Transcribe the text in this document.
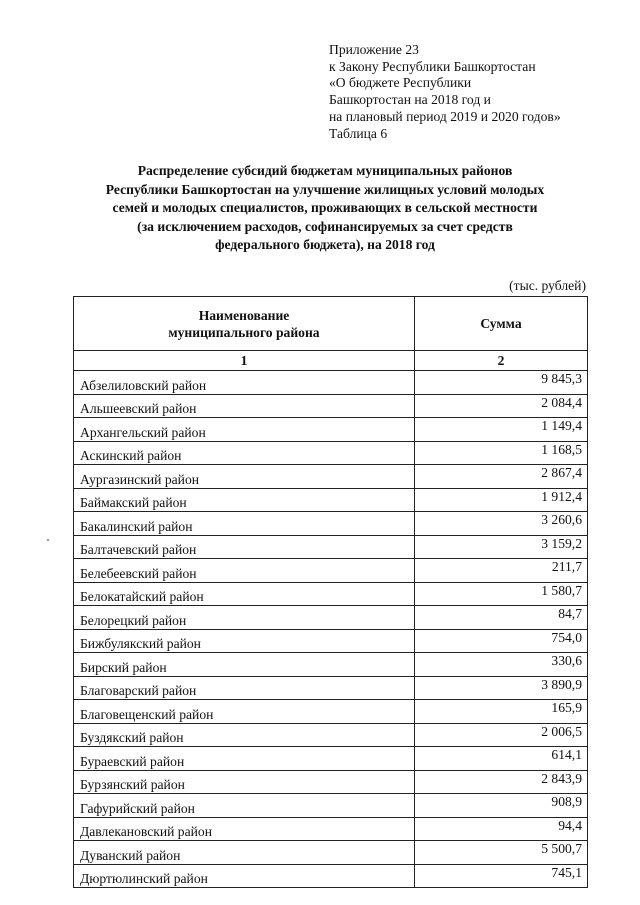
Приложение 23
к Закону Республики Башкортостан
«О бюджете Республики
Башкортостан на 2018 год и
на плановый период 2019 и 2020 годов»
Таблица 6
Распределение субсидий бюджетам муниципальных районов
Республики Башкортостан на улучшение жилищных условий молодых
семей и молодых специалистов, проживающих в сельской местности
(за исключением расходов, софинансируемых за счет средств
федерального бюджета), на 2018 год
(тыс. рублей)
Наименование
муниципального района	Сумма
1	2
Абзелиловский район	9 845,3
Альшеевский район	2 084,4
Архангельский район	1 149,4
Аскинский район	1 168,5
Аургазинский район	2 867,4
Баймакский район	1 912,4
Бакалинский район	3 260,6
Балтачевский район	3 159,2
Белебеевский район	211,7
Белокатайский район	1 580,7
Белорецкий район	84,7
Бижбулякский район	754,0
Бирский район	330,6
Благоварский район	3 890,9
Благовещенский район	165,9
Буздякский район	2 006,5
Бураевский район	614,1
Бурзянский район	2 843,9
Гафурийский район	908,9
Давлекановский район	94,4
Дуванский район	5 500,7
Дюртюлинский район	745,1
